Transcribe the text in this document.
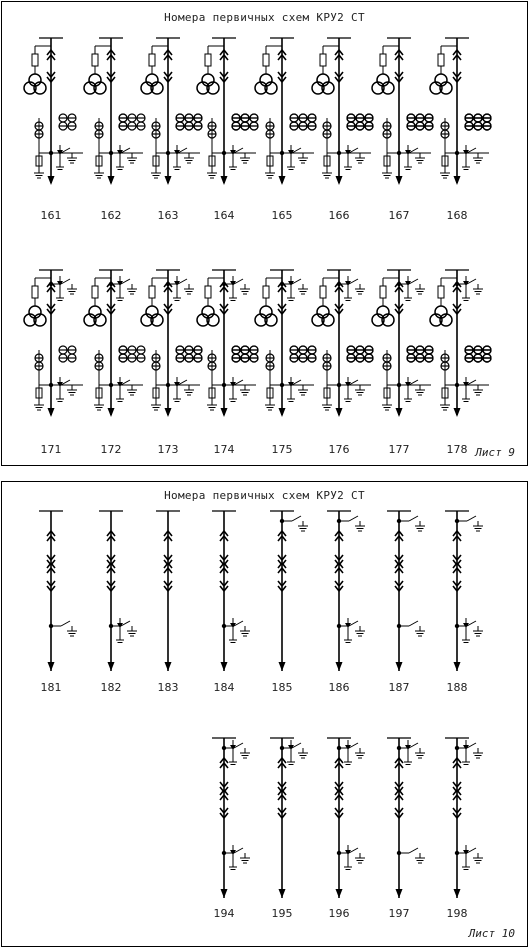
Номера первичных схем КРУ2 СТ
161	162	163	164	165	166	167	168
171	172	173	174	175	176	177	178 Лист 9
Номера первичных схем КРУ2 СТ
181	182	183	184	185	186	187	188
194	195	196	197	198
Лист 10
